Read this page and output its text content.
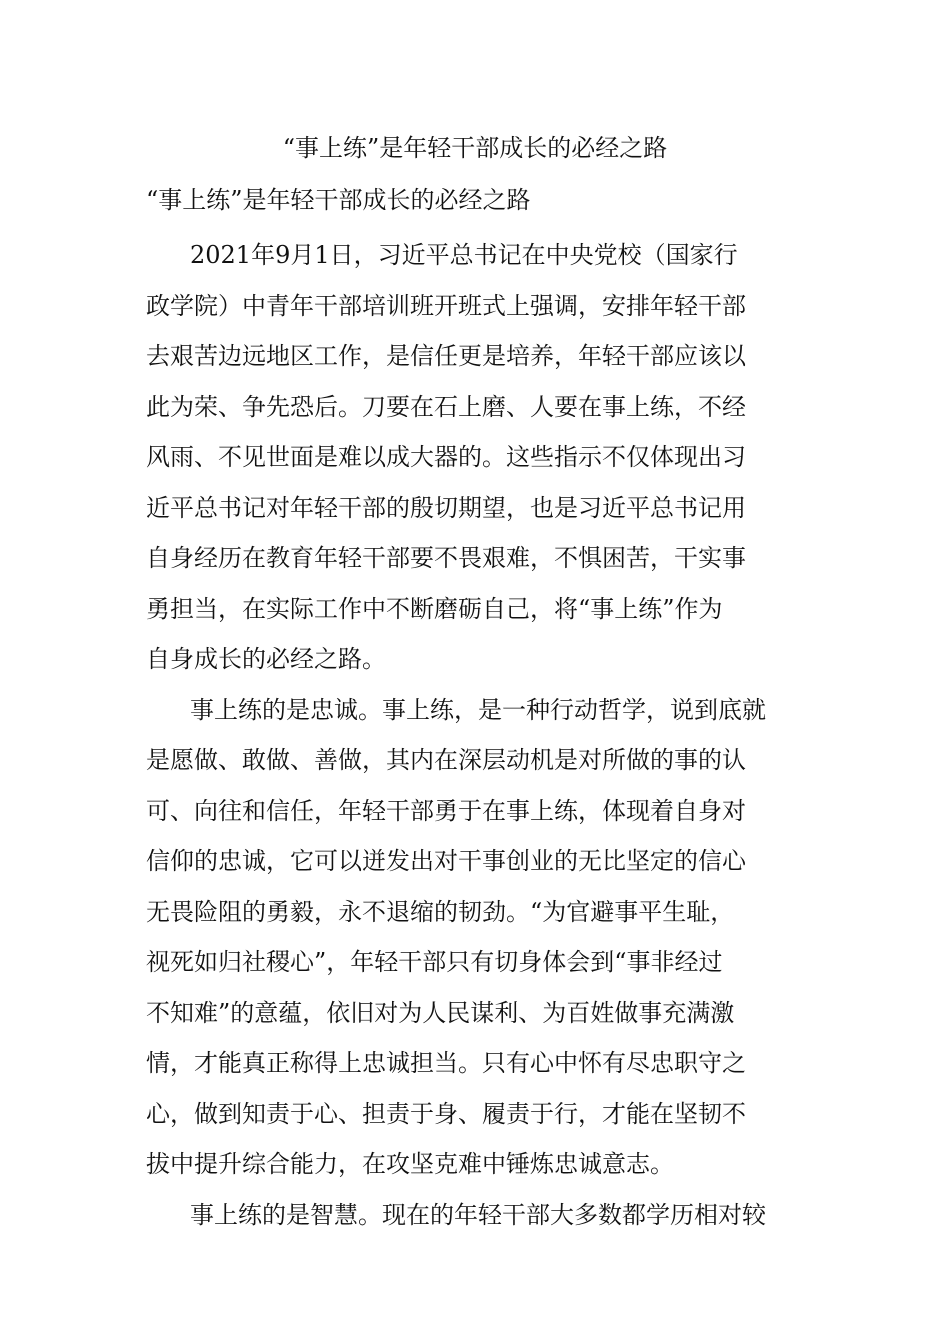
“事上练”是年轻干部成长的必经之路
“事上练”是年轻干部成长的必经之路

2021年9月1日，习近平总书记在中央党校（国家行
政学院）中青年干部培训班开班式上强调，安排年轻干部
去艰苦边远地区工作，是信任更是培养，年轻干部应该以
此为荣、争先恐后。刀要在石上磨、人要在事上练，不经
风雨、不见世面是难以成大器的。这些指示不仅体现出习
近平总书记对年轻干部的殷切期望，也是习近平总书记用
自身经历在教育年轻干部要不畏艰难，不惧困苦，干实事
勇担当，在实际工作中不断磨砺自己，将“事上练”作为
自身成长的必经之路。

事上练的是忠诚。事上练，是一种行动哲学，说到底就
是愿做、敢做、善做，其内在深层动机是对所做的事的认
可、向往和信任，年轻干部勇于在事上练，体现着自身对
信仰的忠诚，它可以迸发出对干事创业的无比坚定的信心
无畏险阻的勇毅，永不退缩的韧劲。“为官避事平生耻，
视死如归社稷心”，年轻干部只有切身体会到“事非经过
不知难”的意蕴，依旧对为人民谋利、为百姓做事充满激
情，才能真正称得上忠诚担当。只有心中怀有尽忠职守之
心，做到知责于心、担责于身、履责于行，才能在坚韧不
拔中提升综合能力，在攻坚克难中锤炼忠诚意志。

事上练的是智慧。现在的年轻干部大多数都学历相对较
